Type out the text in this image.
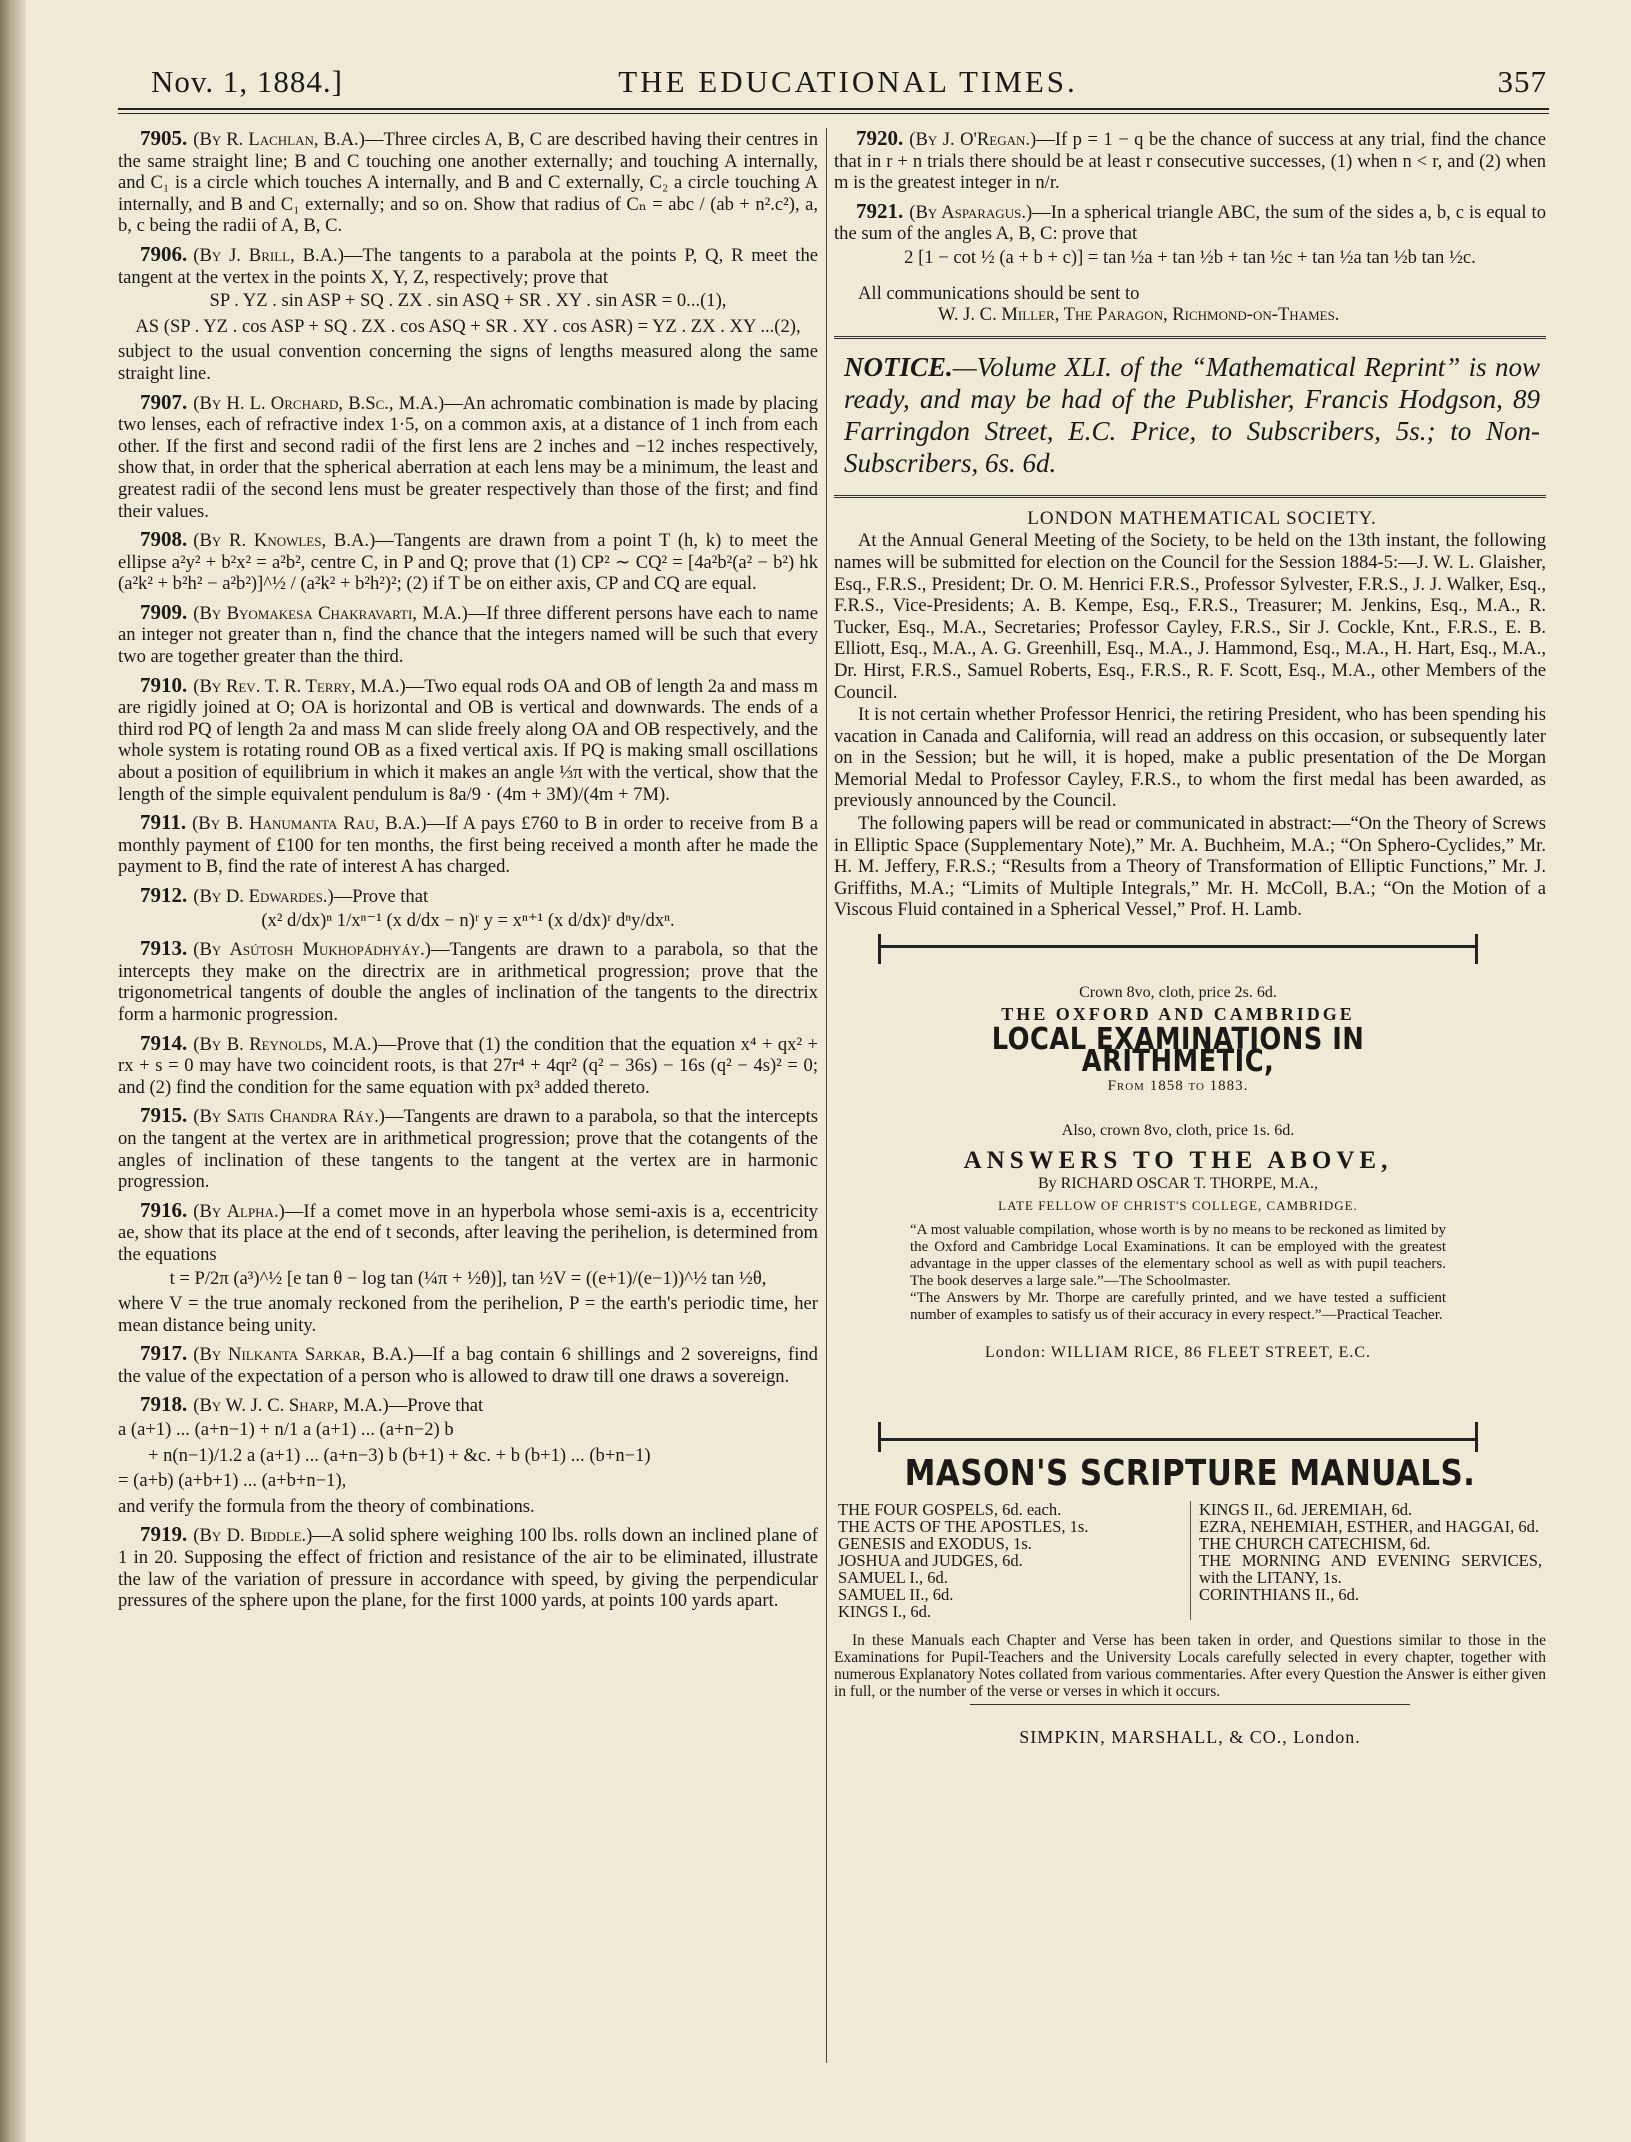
Nov. 1, 1884.]	THE EDUCATIONAL TIMES.	357

7905. (By R. Lachlan, B.A.)—Three circles A, B, C are described having their centres in the same straight line; B and C touching one another externally; and touching A internally, and C₁ is a circle which touches A internally, and B and C externally, C₂ a circle touching A internally, and B and C₁ externally; and so on. Show that radius of Cₙ = abc / (ab + n².c²), a, b, c being the radii of A, B, C.

7906. (By J. Brill, B.A.)—The tangents to a parabola at the points P, Q, R meet the tangent at the vertex in the points X, Y, Z, respectively; prove that

SP . YZ . sin ASP + SQ . ZX . sin ASQ + SR . XY . sin ASR = 0...(1),

AS (SP . YZ . cos ASP + SQ . ZX . cos ASQ + SR . XY . cos ASR) = YZ . ZX . XY ...(2),

subject to the usual convention concerning the signs of lengths measured along the same straight line.

7907. (By H. L. Orchard, B.Sc., M.A.)—An achromatic combination is made by placing two lenses, each of refractive index 1·5, on a common axis, at a distance of 1 inch from each other. If the first and second radii of the first lens are 2 inches and −12 inches respectively, show that, in order that the spherical aberration at each lens may be a minimum, the least and greatest radii of the second lens must be greater respectively than those of the first; and find their values.

7908. (By R. Knowles, B.A.)—Tangents are drawn from a point T (h, k) to meet the ellipse a²y² + b²x² = a²b², centre C, in P and Q; prove that (1) CP² ∼ CQ² = [4a²b²(a² − b²) hk (a²k² + b²h² − a²b²)]^½ / (a²k² + b²h²)²; (2) if T be on either axis, CP and CQ are equal.

7909. (By Byomakesa Chakravarti, M.A.)—If three different persons have each to name an integer not greater than n, find the chance that the integers named will be such that every two are together greater than the third.

7910. (By Rev. T. R. Terry, M.A.)—Two equal rods OA and OB of length 2a and mass m are rigidly joined at O; OA is horizontal and OB is vertical and downwards. The ends of a third rod PQ of length 2a and mass M can slide freely along OA and OB respectively, and the whole system is rotating round OB as a fixed vertical axis. If PQ is making small oscillations about a position of equilibrium in which it makes an angle ⅓π with the vertical, show that the length of the simple equivalent pendulum is 8a/9 · (4m + 3M)/(4m + 7M).

7911. (By B. Hanumanta Rau, B.A.)—If A pays £760 to B in order to receive from B a monthly payment of £100 for ten months, the first being received a month after he made the payment to B, find the rate of interest A has charged.

7912. (By D. Edwardes.)—Prove that

(x² d/dx)ⁿ 1/xⁿ⁻¹ (x d/dx − n)ʳ y = xⁿ⁺¹ (x d/dx)ʳ dⁿy/dxⁿ.

7913. (By Asútosh Mukhopádhyáy.)—Tangents are drawn to a parabola, so that the intercepts they make on the directrix are in arithmetical progression; prove that the trigonometrical tangents of double the angles of inclination of the tangents to the directrix form a harmonic progression.

7914. (By B. Reynolds, M.A.)—Prove that (1) the condition that the equation x⁴ + qx² + rx + s = 0 may have two coincident roots, is that 27r⁴ + 4qr² (q² − 36s) − 16s (q² − 4s)² = 0; and (2) find the condition for the same equation with px³ added thereto.

7915. (By Satis Chandra Ráy.)—Tangents are drawn to a parabola, so that the intercepts on the tangent at the vertex are in arithmetical progression; prove that the cotangents of the angles of inclination of these tangents to the tangent at the vertex are in harmonic progression.

7916. (By Alpha.)—If a comet move in an hyperbola whose semi-axis is a, eccentricity ae, show that its place at the end of t seconds, after leaving the perihelion, is determined from the equations

t = P/2π (a³)^½ [e tan θ − log tan (¼π + ½θ)], tan ½V = ((e+1)/(e−1))^½ tan ½θ,

where V = the true anomaly reckoned from the perihelion, P = the earth's periodic time, her mean distance being unity.

7917. (By Nilkanta Sarkar, B.A.)—If a bag contain 6 shillings and 2 sovereigns, find the value of the expectation of a person who is allowed to draw till one draws a sovereign.

7918. (By W. J. C. Sharp, M.A.)—Prove that

a (a+1) ... (a+n−1) + n/1 a (a+1) ... (a+n−2) b

+ n(n−1)/1.2 a (a+1) ... (a+n−3) b (b+1) + &c. + b (b+1) ... (b+n−1)

= (a+b) (a+b+1) ... (a+b+n−1),

and verify the formula from the theory of combinations.

7919. (By D. Biddle.)—A solid sphere weighing 100 lbs. rolls down an inclined plane of 1 in 20. Supposing the effect of friction and resistance of the air to be eliminated, illustrate the law of the variation of pressure in accordance with speed, by giving the perpendicular pressures of the sphere upon the plane, for the first 1000 yards, at points 100 yards apart.

7920. (By J. O'Regan.)—If p = 1 − q be the chance of success at any trial, find the chance that in r + n trials there should be at least r consecutive successes, (1) when n < r, and (2) when m is the greatest integer in n/r.

7921. (By Asparagus.)—In a spherical triangle ABC, the sum of the sides a, b, c is equal to the sum of the angles A, B, C: prove that

2 [1 − cot ½ (a + b + c)] = tan ½a + tan ½b + tan ½c + tan ½a tan ½b tan ½c.

All communications should be sent to

W. J. C. Miller, The Paragon, Richmond-on-Thames.

NOTICE.—Volume XLI. of the “Mathematical Reprint” is now ready, and may be had of the Publisher, Francis Hodgson, 89 Farringdon Street, E.C. Price, to Subscribers, 5s.; to Non-Subscribers, 6s. 6d.

LONDON MATHEMATICAL SOCIETY.

At the Annual General Meeting of the Society, to be held on the 13th instant, the following names will be submitted for election on the Council for the Session 1884-5:—J. W. L. Glaisher, Esq., F.R.S., President; Dr. O. M. Henrici F.R.S., Professor Sylvester, F.R.S., J. J. Walker, Esq., F.R.S., Vice-Presidents; A. B. Kempe, Esq., F.R.S., Treasurer; M. Jenkins, Esq., M.A., R. Tucker, Esq., M.A., Secretaries; Professor Cayley, F.R.S., Sir J. Cockle, Knt., F.R.S., E. B. Elliott, Esq., M.A., A. G. Greenhill, Esq., M.A., J. Hammond, Esq., M.A., H. Hart, Esq., M.A., Dr. Hirst, F.R.S., Samuel Roberts, Esq., F.R.S., R. F. Scott, Esq., M.A., other Members of the Council.

It is not certain whether Professor Henrici, the retiring President, who has been spending his vacation in Canada and California, will read an address on this occasion, or subsequently later on in the Session; but he will, it is hoped, make a public presentation of the De Morgan Memorial Medal to Professor Cayley, F.R.S., to whom the first medal has been awarded, as previously announced by the Council.

The following papers will be read or communicated in abstract:—“On the Theory of Screws in Elliptic Space (Supplementary Note),” Mr. A. Buchheim, M.A.; “On Sphero-Cyclides,” Mr. H. M. Jeffery, F.R.S.; “Results from a Theory of Transformation of Elliptic Functions,” Mr. J. Griffiths, M.A.; “Limits of Multiple Integrals,” Mr. H. McColl, B.A.; “On the Motion of a Viscous Fluid contained in a Spherical Vessel,” Prof. H. Lamb.

Crown 8vo, cloth, price 2s. 6d.
THE OXFORD AND CAMBRIDGE
LOCAL EXAMINATIONS IN ARITHMETIC,
From 1858 to 1883.
Also, crown 8vo, cloth, price 1s. 6d.
ANSWERS TO THE ABOVE,
By RICHARD OSCAR T. THORPE, M.A.,
LATE FELLOW OF CHRIST'S COLLEGE, CAMBRIDGE.
“A most valuable compilation, whose worth is by no means to be reckoned as limited by the Oxford and Cambridge Local Examinations. It can be employed with the greatest advantage in the upper classes of the elementary school as well as with pupil teachers. The book deserves a large sale.”—The Schoolmaster.
“The Answers by Mr. Thorpe are carefully printed, and we have tested a sufficient number of examples to satisfy us of their accuracy in every respect.”—Practical Teacher.
London: WILLIAM RICE, 86 FLEET STREET, E.C.
MASON'S SCRIPTURE MANUALS.
THE FOUR GOSPELS, 6d. each.
THE ACTS OF THE APOSTLES, 1s.
GENESIS and EXODUS, 1s.
JOSHUA and JUDGES, 6d.
SAMUEL I., 6d.
SAMUEL II., 6d.
KINGS I., 6d.
KINGS II., 6d. JEREMIAH, 6d.
EZRA, NEHEMIAH, ESTHER, and HAGGAI, 6d.
THE CHURCH CATECHISM, 6d.
THE MORNING AND EVENING SERVICES, with the LITANY, 1s.
CORINTHIANS II., 6d.

In these Manuals each Chapter and Verse has been taken in order, and Questions similar to those in the Examinations for Pupil-Teachers and the University Locals carefully selected in every chapter, together with numerous Explanatory Notes collated from various commentaries. After every Question the Answer is either given in full, or the number of the verse or verses in which it occurs.

SIMPKIN, MARSHALL, & CO., London.
